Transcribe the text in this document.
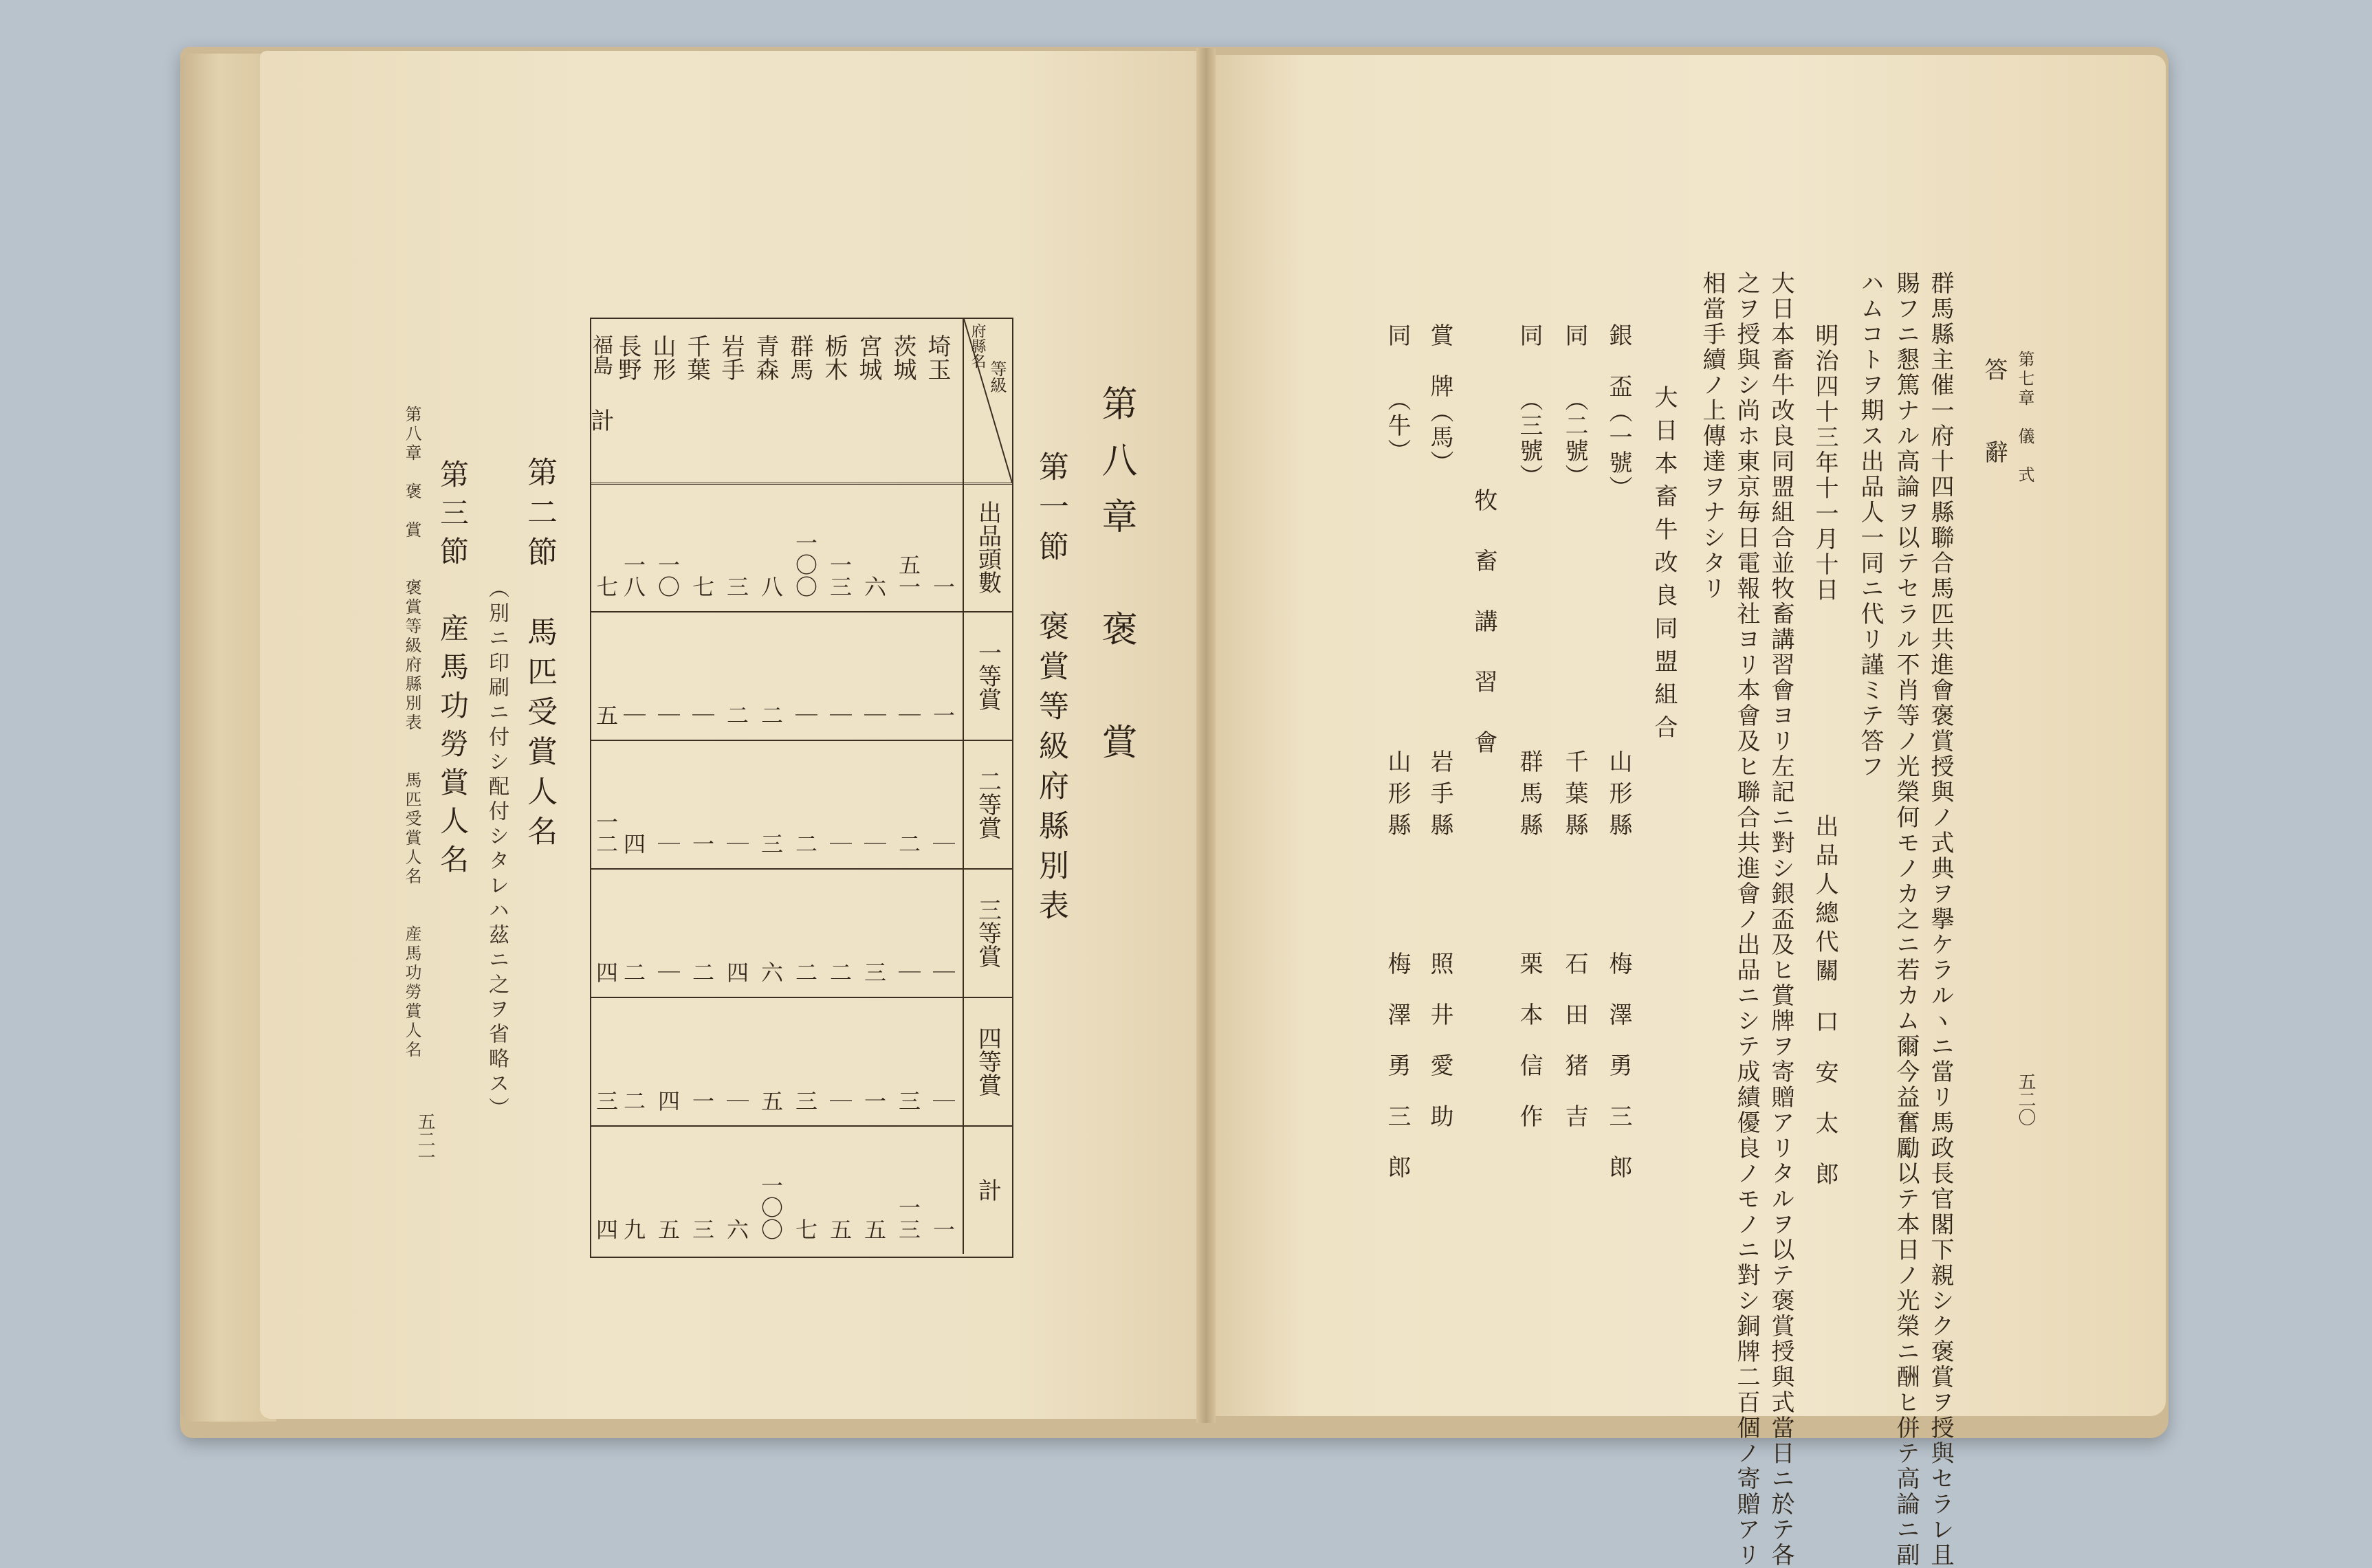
第八章　褒　賞　　褒賞等級府縣別表　　馬匹受賞人名　　産馬功勞賞人名
五二一
第三節　産馬功勞賞人名 （別ニ印刷ニ付シ配付シタレハ茲ニ之ヲ省略ス） 第二節　馬匹受賞人名	第八章　褒　賞
第一節　褒賞等級府縣別表
等級
府縣名
埼玉
茨城
宮城
栃木
群馬
青森
岩手
千葉
山形
長野
福島
計
出品頭數
一
五一
六
一三
一〇〇
八
三
七
一〇
一八
七
一等賞
一
｜
｜
｜
｜
二
二
｜
｜
｜
五
二等賞
｜
二
｜
｜
二
三
｜
一
｜
四
一二
三等賞
｜
｜
三
二
二
六
四
二
｜
二
四
四等賞
｜
三
一
｜
三
五
｜
一
四
二
三
計
一
一三
五
五
七
一〇〇
六
三
五
九
四
第七章　儀　式
五二〇
答　辭
群馬縣主催一府十四縣聯合馬匹共進會褒賞授與ノ式典ヲ擧ケラルヽニ當リ馬政長官閣下親シク褒賞ヲ授與セラレ且
賜フニ懇篤ナル高論ヲ以テセラル不肖等ノ光榮何モノカ之ニ若カム爾今益奮勵以テ本日ノ光榮ニ酬ヒ併テ高論ニ副
ハムコトヲ期ス出品人一同ニ代リ謹ミテ答フ
明治四十三年十一月十日
出品人總代
關　口　安　太　郎
大日本畜牛改良同盟組合並牧畜講習會ヨリ左記ニ對シ銀盃及ヒ賞牌ヲ寄贈アリタルヲ以テ褒賞授與式當日ニ於テ各
之ヲ授與シ尚ホ東京毎日電報社ヨリ本會及ヒ聯合共進會ノ出品ニシテ成績優良ノモノニ對シ銅牌二百個ノ寄贈アリ
相當手續ノ上傳達ヲナシタリ
大日本畜牛改良同盟組合
銀　盃（一號）
山形縣
梅　澤　勇　三　郎
同　　（二號）
千葉縣
石　田　猪　吉
同　　（三號）
群馬縣
栗　本　信　作
牧　畜　講　習　會
賞　牌（馬）
岩手縣
照　井　愛　助
同　　（牛）
山形縣
梅　澤　勇　三　郎
